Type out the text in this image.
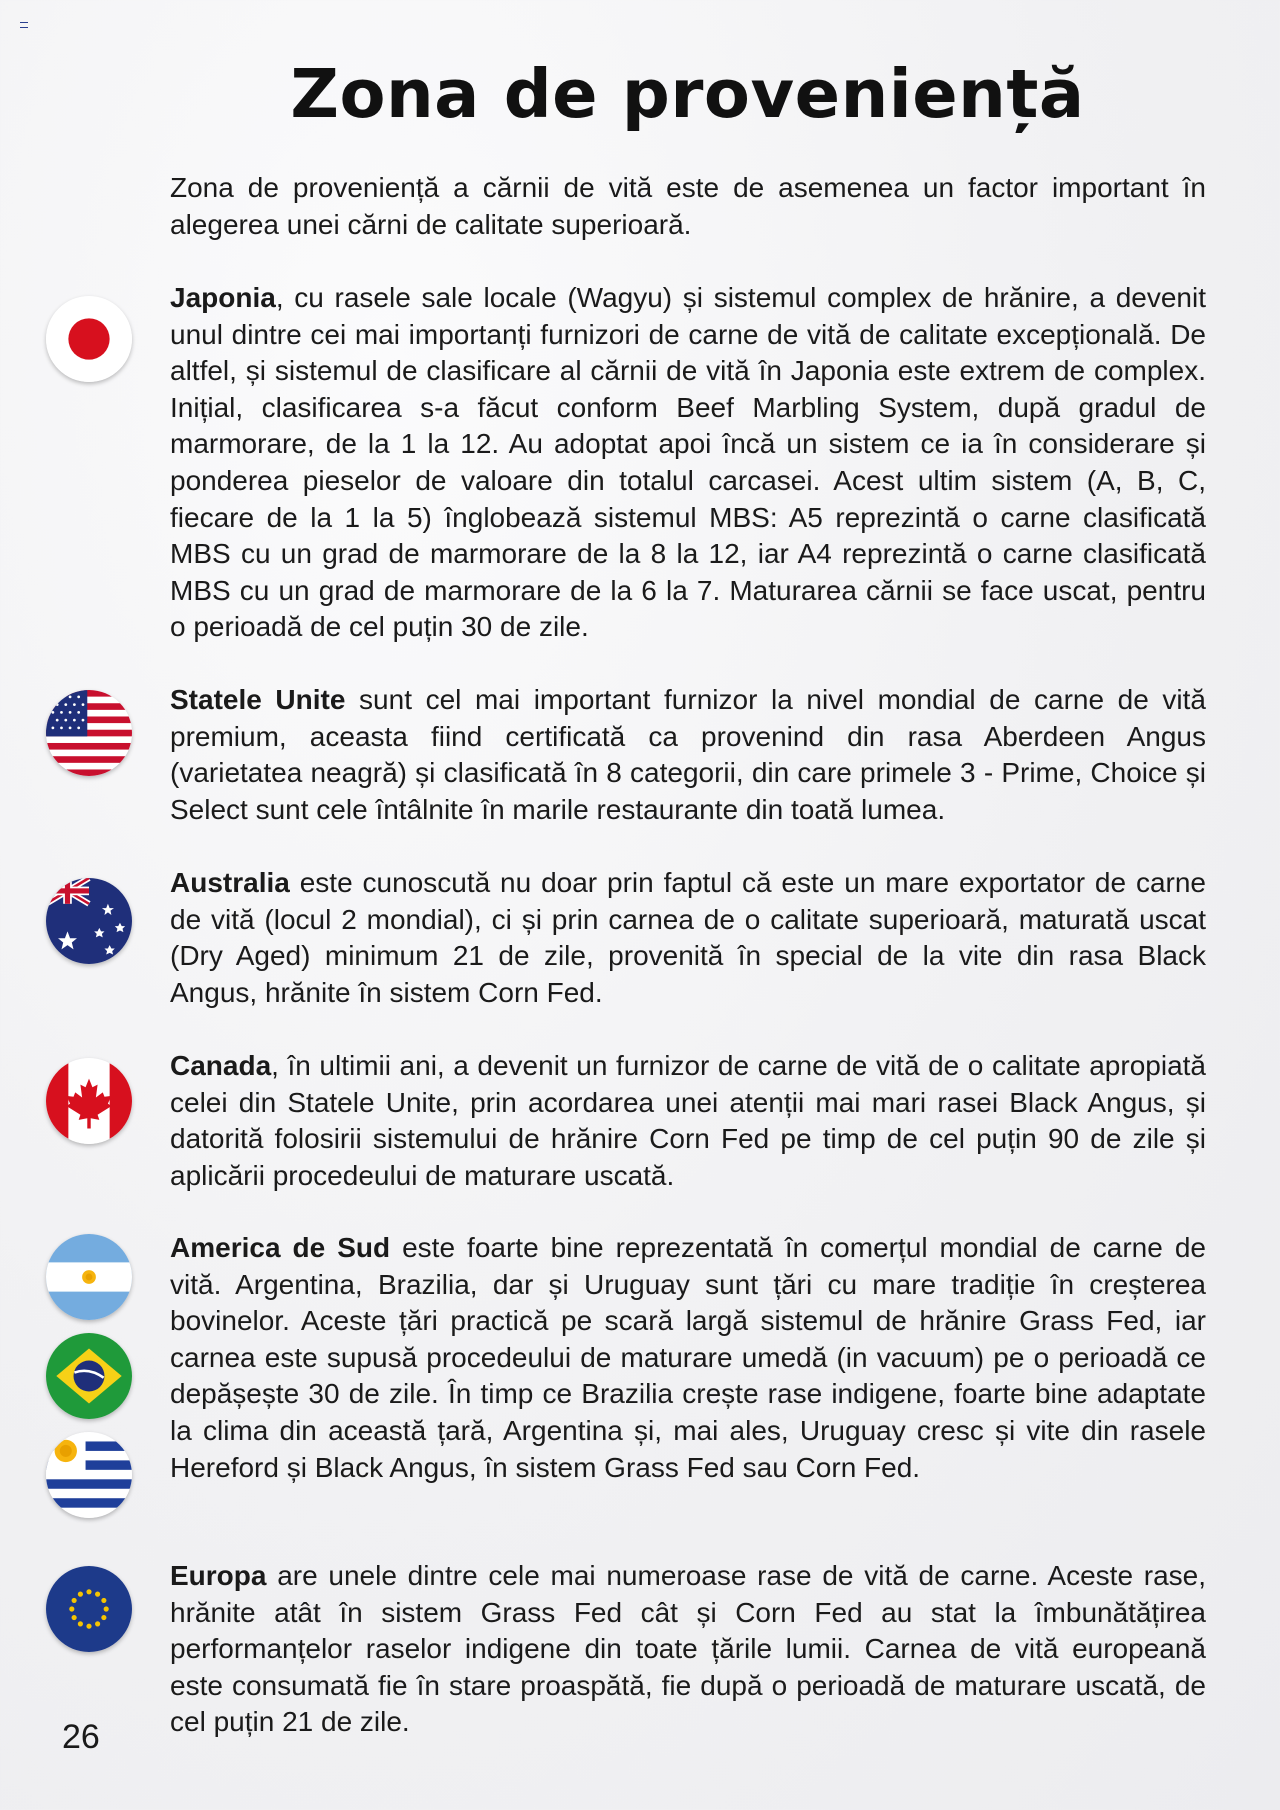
Zona de proveniență

Zona de proveniență a cărnii de vită este de asemenea un factor important în alegerea unei cărni de calitate superioară.

Japonia, cu rasele sale locale (Wagyu) și sistemul complex de hrănire, a devenit unul dintre cei mai importanți furnizori de carne de vită de calitate excepțională. De altfel, și sistemul de clasificare al cărnii de vită în Japonia este extrem de complex. Inițial, clasificarea s-a făcut conform Beef Marbling System, după gradul de marmorare, de la 1 la 12. Au adoptat apoi încă un sistem ce ia în considerare și ponderea pieselor de valoare din totalul carcasei. Acest ultim sistem (A, B, C, fiecare de la 1 la 5) înglobează sistemul MBS: A5 reprezintă o carne clasificată MBS cu un grad de marmorare de la 8 la 12, iar A4 reprezintă o carne clasificată MBS cu un grad de marmorare de la 6 la 7. Maturarea cărnii se face uscat, pentru o perioadă de cel puțin 30 de zile.

Statele Unite sunt cel mai important furnizor la nivel mondial de carne de vită premium, aceasta fiind certificată ca provenind din rasa Aberdeen Angus (varietatea neagră) și clasificată în 8 categorii, din care primele 3 - Prime, Choice și Select sunt cele întâlnite în marile restaurante din toată lumea.

Australia este cunoscută nu doar prin faptul că este un mare exportator de carne de vită (locul 2 mondial), ci și prin carnea de o calitate superioară, maturată uscat (Dry Aged) minimum 21 de zile, provenită în special de la vite din rasa Black Angus, hrănite în sistem Corn Fed.

Canada, în ultimii ani, a devenit un furnizor de carne de vită de o calitate apropiată celei din Statele Unite, prin acordarea unei atenții mai mari rasei Black Angus, și datorită folosirii sistemului de hrănire Corn Fed pe timp de cel puțin 90 de zile și aplicării procedeului de maturare uscată.

America de Sud este foarte bine reprezentată în comerțul mondial de carne de vită. Argentina, Brazilia, dar și Uruguay sunt țări cu mare tradiție în creșterea bovinelor. Aceste țări practică pe scară largă sistemul de hrănire Grass Fed, iar carnea este supusă procedeului de maturare umedă (in vacuum) pe o perioadă ce depășește 30 de zile. În timp ce Brazilia crește rase indigene, foarte bine adaptate la clima din această țară, Argentina și, mai ales, Uruguay cresc și vite din rasele Hereford și Black Angus, în sistem Grass Fed sau Corn Fed.

Europa are unele dintre cele mai numeroase rase de vită de carne. Aceste rase, hrănite atât în sistem Grass Fed cât și Corn Fed au stat la îmbunătățirea performanțelor raselor indigene din toate țările lumii. Carnea de vită europeană este consumată fie în stare proaspătă, fie după o perioadă de maturare uscată, de cel puțin 21 de zile.

26
